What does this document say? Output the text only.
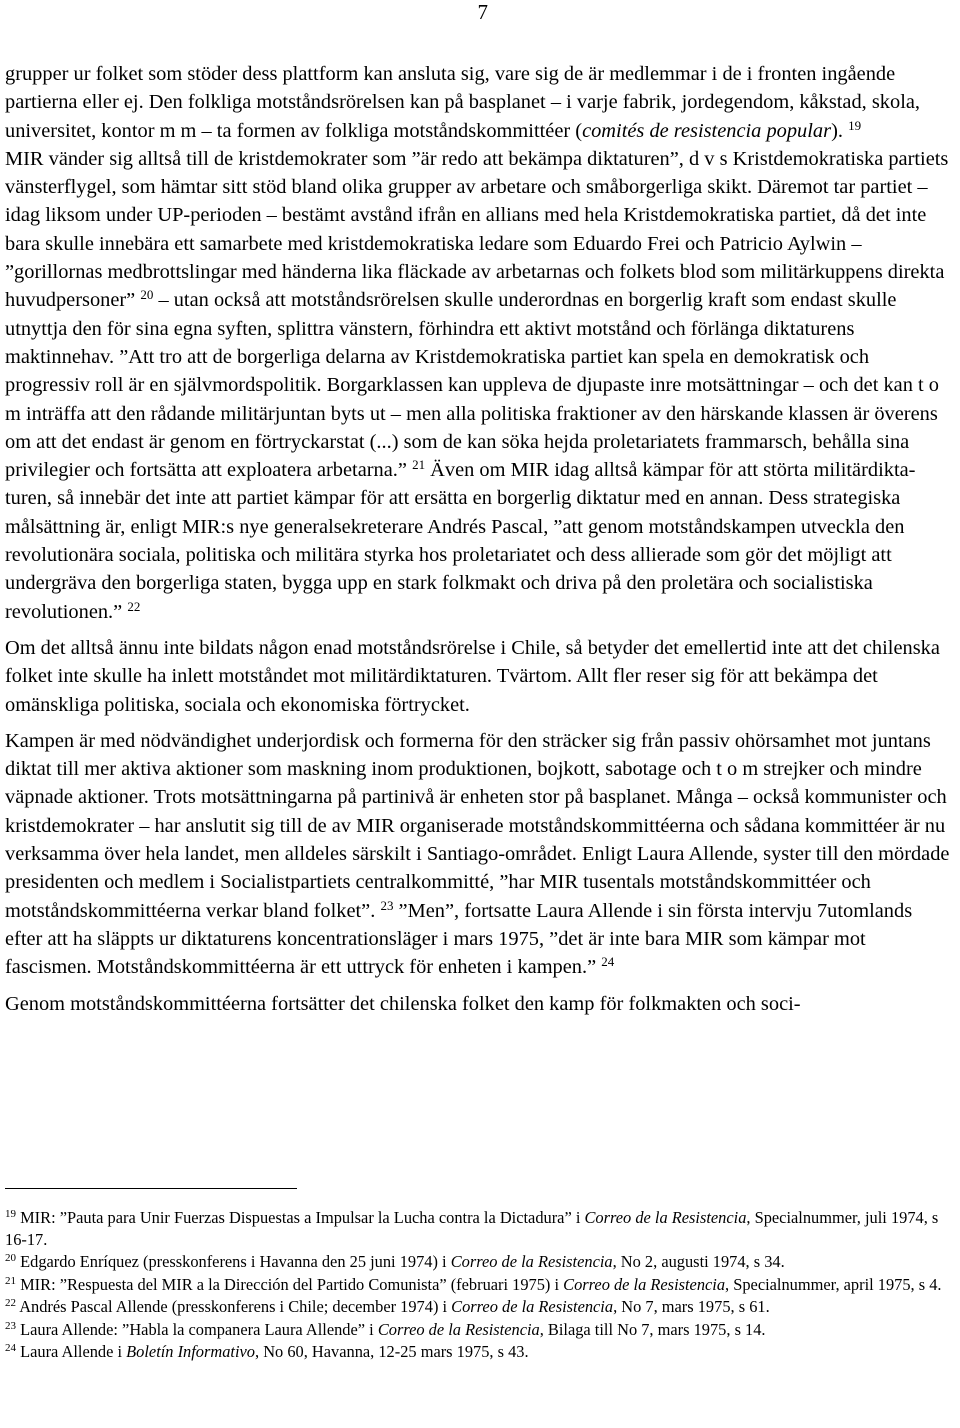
7

grupper ur folket som stöder dess plattform kan ansluta sig, vare sig de är medlemmar i de i fronten ingående partierna eller ej. Den folkliga motståndsrörelsen kan på basplanet – i varje fabrik, jordegendom, kåkstad, skola, universitet, kontor m m – ta formen av folkliga motståndskommittéer (comités de resistencia popular). $^{19}$

MIR vänder sig alltså till de kristdemokrater som ”är redo att bekämpa diktaturen”, d v s Kristdemokratiska partiets vänsterflygel, som hämtar sitt stöd bland olika grupper av arbetare och småborgerliga skikt. Däremot tar partiet – idag liksom under UP-perioden – bestämt avstånd ifrån en allians med hela Kristdemokratiska partiet, då det inte bara skulle innebära ett samarbete med kristdemokratiska ledare som Eduardo Frei och Patricio Aylwin – ”gorillornas medbrottslingar med händerna lika fläckade av arbetarnas och folkets blod som militärkuppens direkta huvudpersoner” $^{20}$ – utan också att motståndsrörelsen skulle underordnas en borgerlig kraft som endast skulle utnyttja den för sina egna syften, splittra vänstern, förhindra ett aktivt motstånd och förlänga diktaturens maktinnehav. ”Att tro att de borgerliga delarna av Kristdemokratiska partiet kan spela en demokratisk och progressiv roll är en självmordspolitik. Borgarklassen kan uppleva de djupaste inre motsättningar – och det kan t o m inträffa att den rådande militärjuntan byts ut – men alla politiska fraktioner av den härskande klassen är överens om att det endast är genom en förtryckarstat (...) som de kan söka hejda proletariatets frammarsch, behålla sina privilegier och fortsätta att exploatera arbetarna.” $^{21}$ Även om MIR idag alltså kämpar för att störta militärdiktaturen, så innebär det inte att partiet kämpar för att ersätta en borgerlig diktatur med en annan. Dess strategiska målsättning är, enligt MIR:s nye generalsekreterare Andrés Pascal, ”att genom motståndskampen utveckla den revolutionära sociala, politiska och militära styrka hos proletariatet och dess allierade som gör det möjligt att undergräva den borgerliga staten, bygga upp en stark folkmakt och driva på den proletära och socialistiska revolutionen.” $^{22}$

Om det alltså ännu inte bildats någon enad motståndsrörelse i Chile, så betyder det emellertid inte att det chilenska folket inte skulle ha inlett motståndet mot militärdiktaturen. Tvärtom. Allt fler reser sig för att bekämpa det omänskliga politiska, sociala och ekonomiska förtrycket.

Kampen är med nödvändighet underjordisk och formerna för den sträcker sig från passiv ohörsamhet mot juntans diktat till mer aktiva aktioner som maskning inom produktionen, bojkott, sabotage och t o m strejker och mindre väpnade aktioner. Trots motsättningarna på partinivå är enheten stor på basplanet. Många – också kommunister och kristdemokrater – har anslutit sig till de av MIR organiserade motståndskommittéerna och sådana kommittéer är nu verksamma över hela landet, men alldeles särskilt i Santiago-området. Enligt Laura Allende, syster till den mördade presidenten och medlem i Socialistpartiets centralkommitté, ”har MIR tusentals motståndskommittéer och motståndskommittéerna verkar bland folket”. $^{23}$ ”Men”, fortsatte Laura Allende i sin första intervju 7utomlands efter att ha släppts ur diktaturens koncentrationsläger i mars 1975, ”det är inte bara MIR som kämpar mot fascismen. Motståndskommittéerna är ett uttryck för enheten i kampen.” $^{24}$

Genom motståndskommittéerna fortsätter det chilenska folket den kamp för folkmakten och soci-

$^{19}$ MIR: ”Pauta para Unir Fuerzas Dispuestas a Impulsar la Lucha contra la Dictadura” i Correo de la Resistencia, Specialnummer, juli 1974, s 16-17.

$^{20}$ Edgardo Enríquez (presskonferens i Havanna den 25 juni 1974) i Correo de la Resistencia, No 2, augusti 1974, s 34.

$^{21}$ MIR: ”Respuesta del MIR a la Dirección del Partido Comunista” (februari 1975) i Correo de la Resistencia, Specialnummer, april 1975, s 4.

$^{22}$ Andrés Pascal Allende (presskonferens i Chile; december 1974) i Correo de la Resistencia, No 7, mars 1975, s 61.

$^{23}$ Laura Allende: ”Habla la companera Laura Allende” i Correo de la Resistencia, Bilaga till No 7, mars 1975, s 14.

$^{24}$ Laura Allende i Boletín Informativo, No 60, Havanna, 12-25 mars 1975, s 43.
